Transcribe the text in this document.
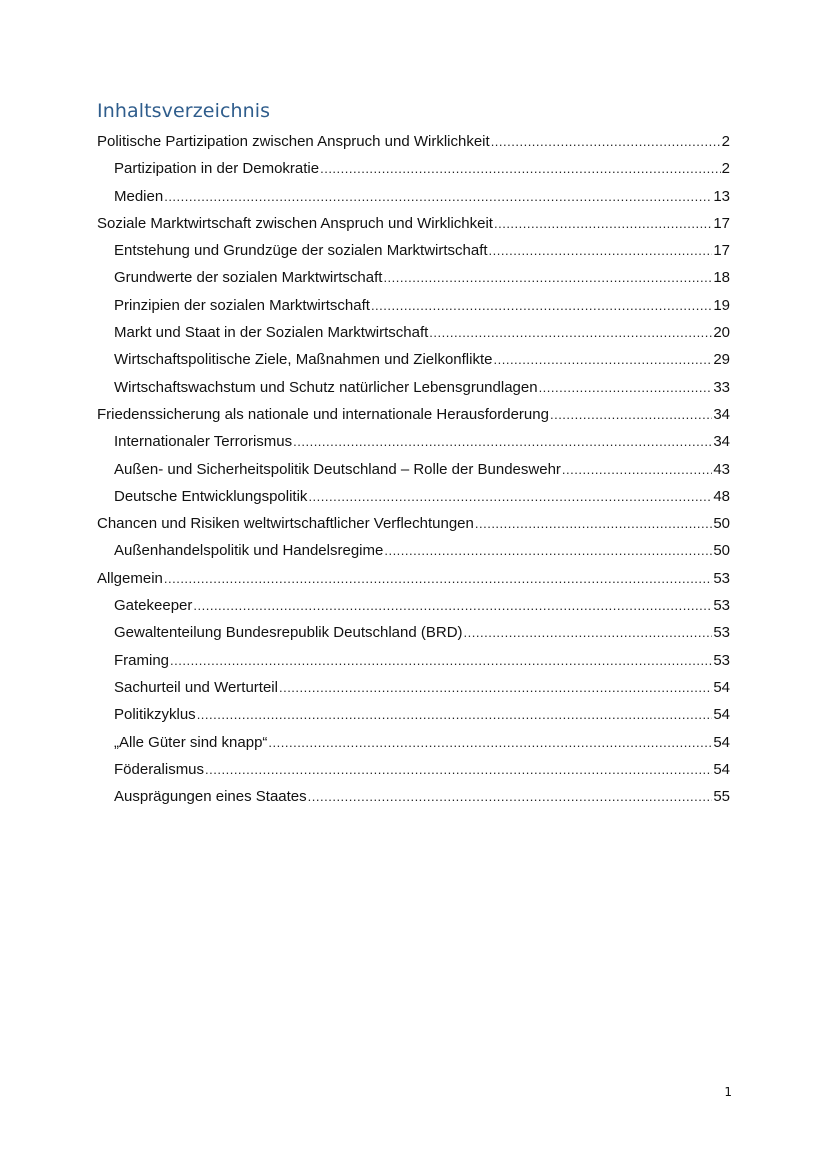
Inhaltsverzeichnis
Politische Partizipation zwischen Anspruch und Wirklichkeit .....	2
Partizipation in der Demokratie .....	2
Medien .....	13
Soziale Marktwirtschaft zwischen Anspruch und Wirklichkeit .....	17
Entstehung und Grundzüge der sozialen Marktwirtschaft .....	17
Grundwerte der sozialen Marktwirtschaft .....	18
Prinzipien der sozialen Marktwirtschaft .....	19
Markt und Staat in der Sozialen Marktwirtschaft .....	20
Wirtschaftspolitische Ziele, Maßnahmen und Zielkonflikte .....	29
Wirtschaftswachstum und Schutz natürlicher Lebensgrundlagen .....	33
Friedenssicherung als nationale und internationale Herausforderung .....	34
Internationaler Terrorismus .....	34
Außen- und Sicherheitspolitik Deutschland – Rolle der Bundeswehr .....	43
Deutsche Entwicklungspolitik .....	48
Chancen und Risiken weltwirtschaftlicher Verflechtungen .....	50
Außenhandelspolitik und Handelsregime .....	50
Allgemein .....	53
Gatekeeper .....	53
Gewaltenteilung Bundesrepublik Deutschland (BRD) .....	53
Framing .....	53
Sachurteil und Werturteil .....	54
Politikzyklus .....	54
„Alle Güter sind knapp“ .....	54
Föderalismus .....	54
Ausprägungen eines Staates .....	55
1
